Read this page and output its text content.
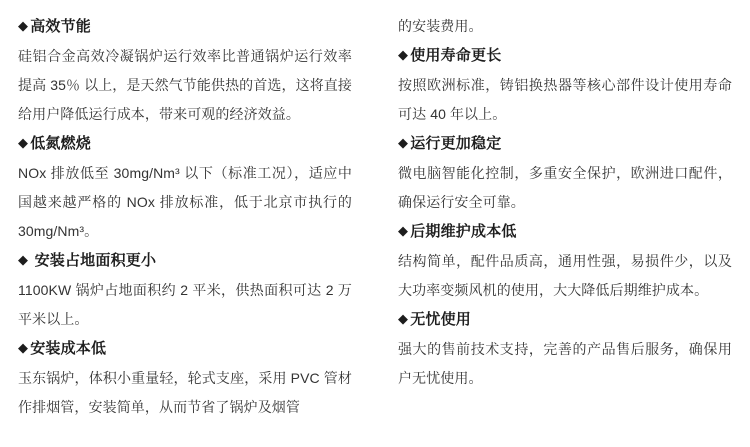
◆ 高效节能

硅铝合金高效冷凝锅炉运行效率比普通锅炉运行效率提高 35％ 以上，是天然气节能供热的首选，这将直接给用户降低运行成本，带来可观的经济效益。

◆ 低氮燃烧

NOx 排放低至 30mg/Nm³ 以下（标准工况），适应中国越来越严格的 NOx 排放标准，低于北京市执行的 30mg/Nm³。

◆ 安装占地面积更小

1100KW 锅炉占地面积约 2 平米，供热面积可达 2 万平米以上。

◆ 安装成本低

玉东锅炉，体积小重量轻，轮式支座，采用 PVC 管材作排烟管，安装简单，从而节省了锅炉及烟管

的安装费用。

◆ 使用寿命更长

按照欧洲标准，铸铝换热器等核心部件设计使用寿命可达 40 年以上。

◆ 运行更加稳定

微电脑智能化控制，多重安全保护，欧洲进口配件，确保运行安全可靠。

◆ 后期维护成本低

结构简单，配件品质高，通用性强，易损件少，以及大功率变频风机的使用，大大降低后期维护成本。

◆ 无忧使用

强大的售前技术支持，完善的产品售后服务，确保用户无忧使用。
